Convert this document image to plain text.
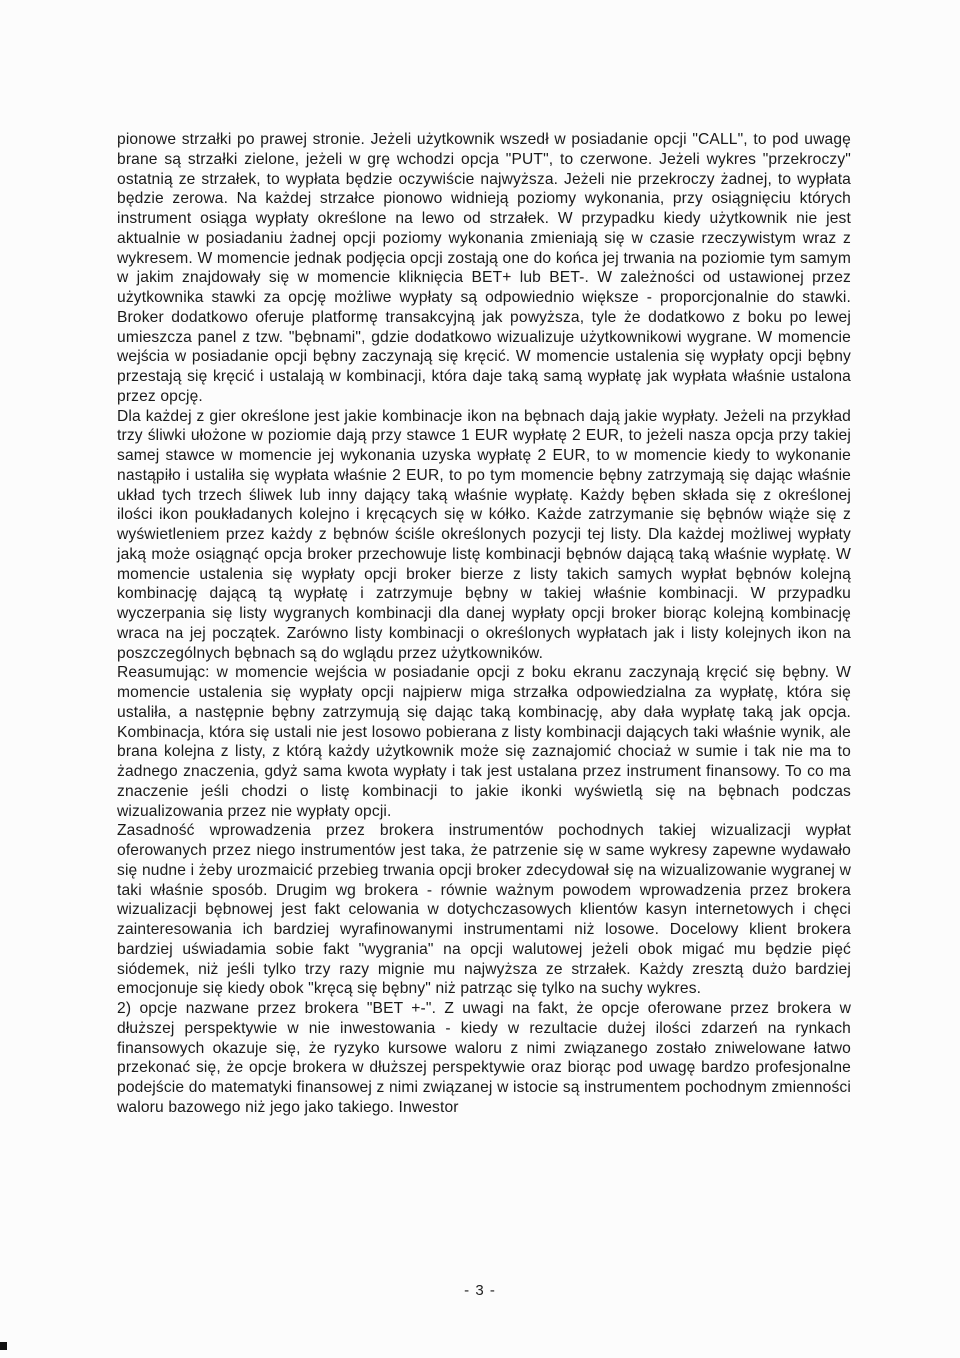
pionowe strzałki po prawej stronie. Jeżeli użytkownik wszedł w posiadanie opcji "CALL", to pod uwagę brane są strzałki zielone, jeżeli w grę wchodzi opcja "PUT", to czerwone. Jeżeli wykres "przekroczy" ostatnią ze strzałek, to wypłata będzie oczywiście najwyższa. Jeżeli nie przekroczy żadnej, to wypłata będzie zerowa. Na każdej strzałce pionowo widnieją poziomy wykonania, przy osiągnięciu których instrument osiąga wypłaty określone na lewo od strzałek. W przypadku kiedy użytkownik nie jest aktualnie w posiadaniu żadnej opcji poziomy wykonania zmieniają się w czasie rzeczywistym wraz z wykresem. W momencie jednak podjęcia opcji zostają one do końca jej trwania na poziomie tym samym w jakim znajdowały się w momencie kliknięcia BET+ lub BET-. W zależności od ustawionej przez użytkownika stawki za opcję możliwe wypłaty są odpowiednio większe - proporcjonalnie do stawki. Broker dodatkowo oferuje platformę transakcyjną jak powyższa, tyle że dodatkowo z boku po lewej umieszcza panel z tzw. "bębnami", gdzie dodatkowo wizualizuje użytkownikowi wygrane. W momencie wejścia w posiadanie opcji bębny zaczynają się kręcić. W momencie ustalenia się wypłaty opcji bębny przestają się kręcić i ustalają w kombinacji, która daje taką samą wypłatę jak wypłata właśnie ustalona przez opcję.

Dla każdej z gier określone jest jakie kombinacje ikon na bębnach dają jakie wypłaty. Jeżeli na przykład trzy śliwki ułożone w poziomie dają przy stawce 1 EUR wypłatę 2 EUR, to jeżeli nasza opcja przy takiej samej stawce w momencie jej wykonania uzyska wypłatę 2 EUR, to w momencie kiedy to wykonanie nastąpiło i ustaliła się wypłata właśnie 2 EUR, to po tym momencie bębny zatrzymają się dając właśnie układ tych trzech śliwek lub inny dający taką właśnie wypłatę. Każdy bęben składa się z określonej ilości ikon poukładanych kolejno i kręcących się w kółko. Każde zatrzymanie się bębnów wiąże się z wyświetleniem przez każdy z bębnów ściśle określonych pozycji tej listy. Dla każdej możliwej wypłaty jaką może osiągnąć opcja broker przechowuje listę kombinacji bębnów dającą taką właśnie wypłatę. W momencie ustalenia się wypłaty opcji broker bierze z listy takich samych wypłat bębnów kolejną kombinację dającą tą wypłatę i zatrzymuje bębny w takiej właśnie kombinacji. W przypadku wyczerpania się listy wygranych kombinacji dla danej wypłaty opcji broker biorąc kolejną kombinację wraca na jej początek. Zarówno listy kombinacji o określonych wypłatach jak i listy kolejnych ikon na poszczególnych bębnach są do wglądu przez użytkowników.

Reasumując: w momencie wejścia w posiadanie opcji z boku ekranu zaczynają kręcić się bębny. W momencie ustalenia się wypłaty opcji najpierw miga strzałka odpowiedzialna za wypłatę, która się ustaliła, a następnie bębny zatrzymują się dając taką kombinację, aby dała wypłatę taką jak opcja. Kombinacja, która się ustali nie jest losowo pobierana z listy kombinacji dających taki właśnie wynik, ale brana kolejna z listy, z którą każdy użytkownik może się zaznajomić chociaż w sumie i tak nie ma to żadnego znaczenia, gdyż sama kwota wypłaty i tak jest ustalana przez instrument finansowy. To co ma znaczenie jeśli chodzi o listę kombinacji to jakie ikonki wyświetlą się na bębnach podczas wizualizowania przez nie wypłaty opcji.

Zasadność wprowadzenia przez brokera instrumentów pochodnych takiej wizualizacji wypłat oferowanych przez niego instrumentów jest taka, że patrzenie się w same wykresy zapewne wydawało się nudne i żeby urozmaicić przebieg trwania opcji broker zdecydował się na wizualizowanie wygranej w taki właśnie sposób. Drugim wg brokera - równie ważnym powodem wprowadzenia przez brokera wizualizacji bębnowej jest fakt celowania w dotychczasowych klientów kasyn internetowych i chęci zainteresowania ich bardziej wyrafinowanymi instrumentami niż losowe. Docelowy klient brokera bardziej uświadamia sobie fakt "wygrania" na opcji walutowej jeżeli obok migać mu będzie pięć siódemek, niż jeśli tylko trzy razy mignie mu najwyższa ze strzałek. Każdy zresztą dużo bardziej emocjonuje się kiedy obok "kręcą się bębny" niż patrząc się tylko na suchy wykres.

2) opcje nazwane przez brokera "BET +-". Z uwagi na fakt, że opcje oferowane przez brokera w dłuższej perspektywie w nie inwestowania - kiedy w rezultacie dużej ilości zdarzeń na rynkach finansowych okazuje się, że ryzyko kursowe waloru z nimi związanego zostało zniwelowane łatwo przekonać się, że opcje brokera w dłuższej perspektywie oraz biorąc pod uwagę bardzo profesjonalne podejście do matematyki finansowej z nimi związanej w istocie są instrumentem pochodnym zmienności waloru bazowego niż jego jako takiego. Inwestor

- 3 -
